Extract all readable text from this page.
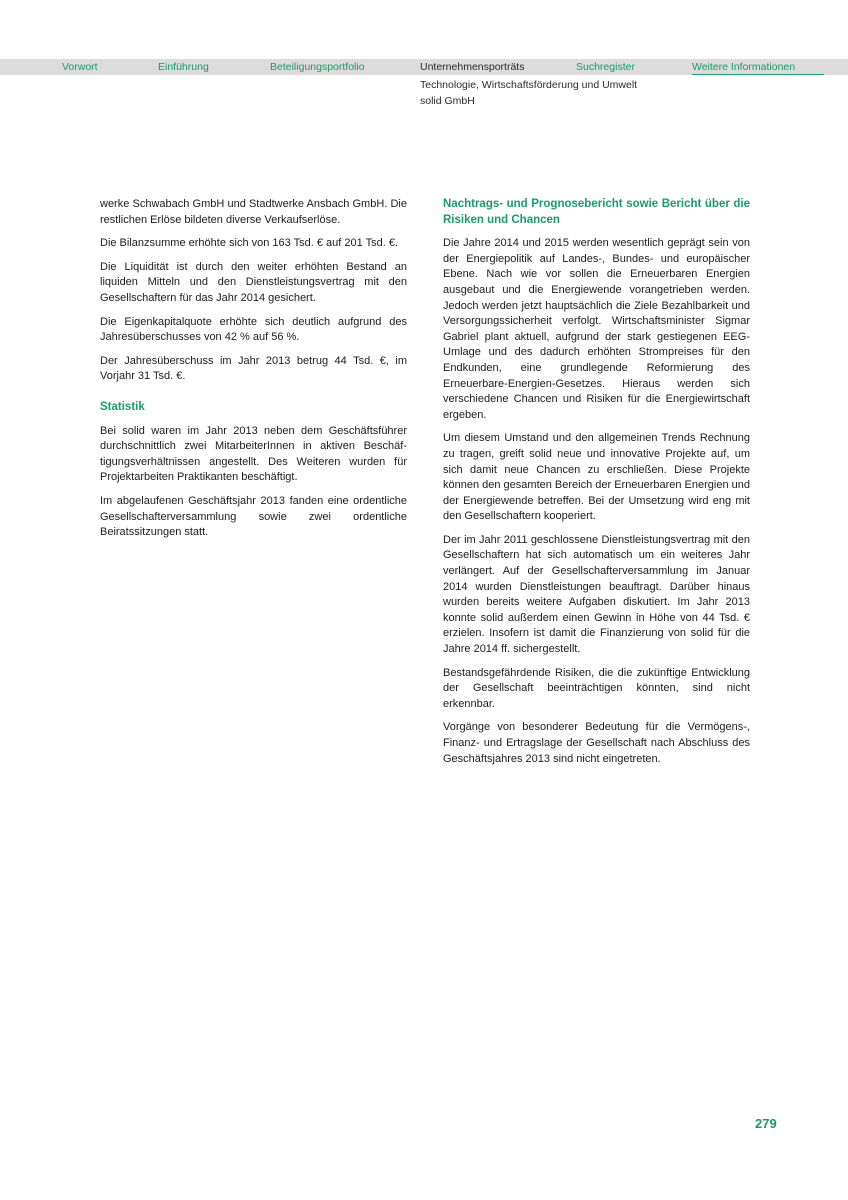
Vorwort	Einführung	Beteiligungsportfolio	Unternehmensporträts	Suchregister	Weitere Informationen
Technologie, Wirtschaftsförderung und Umwelt
solid GmbH

werke Schwabach GmbH und Stadtwerke Ansbach GmbH. Die restlichen Erlöse bildeten diverse Verkaufserlöse.

Die Bilanzsumme erhöhte sich von 163 Tsd. € auf 201 Tsd. €.

Die Liquidität ist durch den weiter erhöhten Bestand an liquiden Mitteln und den Dienstleistungsvertrag mit den Gesellschaftern für das Jahr 2014 gesichert.

Die Eigenkapitalquote erhöhte sich deutlich aufgrund des Jahresüberschusses von 42 % auf 56 %.

Der Jahresüberschuss im Jahr 2013 betrug 44 Tsd. €, im Vorjahr 31 Tsd. €.

Statistik

Bei solid waren im Jahr 2013 neben dem Geschäftsführer durchschnittlich zwei MitarbeiterInnen in aktiven Beschäftigungsverhältnissen angestellt. Des Weiteren wurden für Projektarbeiten Praktikanten beschäftigt.

Im abgelaufenen Geschäftsjahr 2013 fanden eine ordentliche Gesellschafterversammlung sowie zwei ordentliche Beiratssitzungen statt.

Nachtrags- und Prognosebericht sowie Bericht über die Risiken und Chancen

Die Jahre 2014 und 2015 werden wesentlich geprägt sein von der Energiepolitik auf Landes-, Bundes- und europäischer Ebene. Nach wie vor sollen die Erneuerbaren Energien ausgebaut und die Energiewende vorangetrieben werden. Jedoch werden jetzt hauptsächlich die Ziele Bezahlbarkeit und Versorgungssicherheit verfolgt. Wirtschaftsminister Sigmar Gabriel plant aktuell, aufgrund der stark gestiegenen EEG-Umlage und des dadurch erhöhten Strompreises für den Endkunden, eine grundlegende Reformierung des Erneuerbare-Energien-Gesetzes. Hieraus werden sich verschiedene Chancen und Risiken für die Energiewirtschaft ergeben.

Um diesem Umstand und den allgemeinen Trends Rechnung zu tragen, greift solid neue und innovative Projekte auf, um sich damit neue Chancen zu erschließen. Diese Projekte können den gesamten Bereich der Erneuerbaren Energien und der Energiewende betreffen. Bei der Umsetzung wird eng mit den Gesellschaftern kooperiert.

Der im Jahr 2011 geschlossene Dienstleistungsvertrag mit den Gesellschaftern hat sich automatisch um ein weiteres Jahr verlängert. Auf der Gesellschafterversammlung im Januar 2014 wurden Dienstleistungen beauftragt. Darüber hinaus wurden bereits weitere Aufgaben diskutiert. Im Jahr 2013 konnte solid außerdem einen Gewinn in Höhe von 44 Tsd. € erzielen. Insofern ist damit die Finanzierung von solid für die Jahre 2014 ff. sichergestellt.

Bestandsgefährdende Risiken, die die zukünftige Entwicklung der Gesellschaft beeinträchtigen könnten, sind nicht erkennbar.

Vorgänge von besonderer Bedeutung für die Vermögens-, Finanz- und Ertragslage der Gesellschaft nach Abschluss des Geschäftsjahres 2013 sind nicht eingetreten.

279
